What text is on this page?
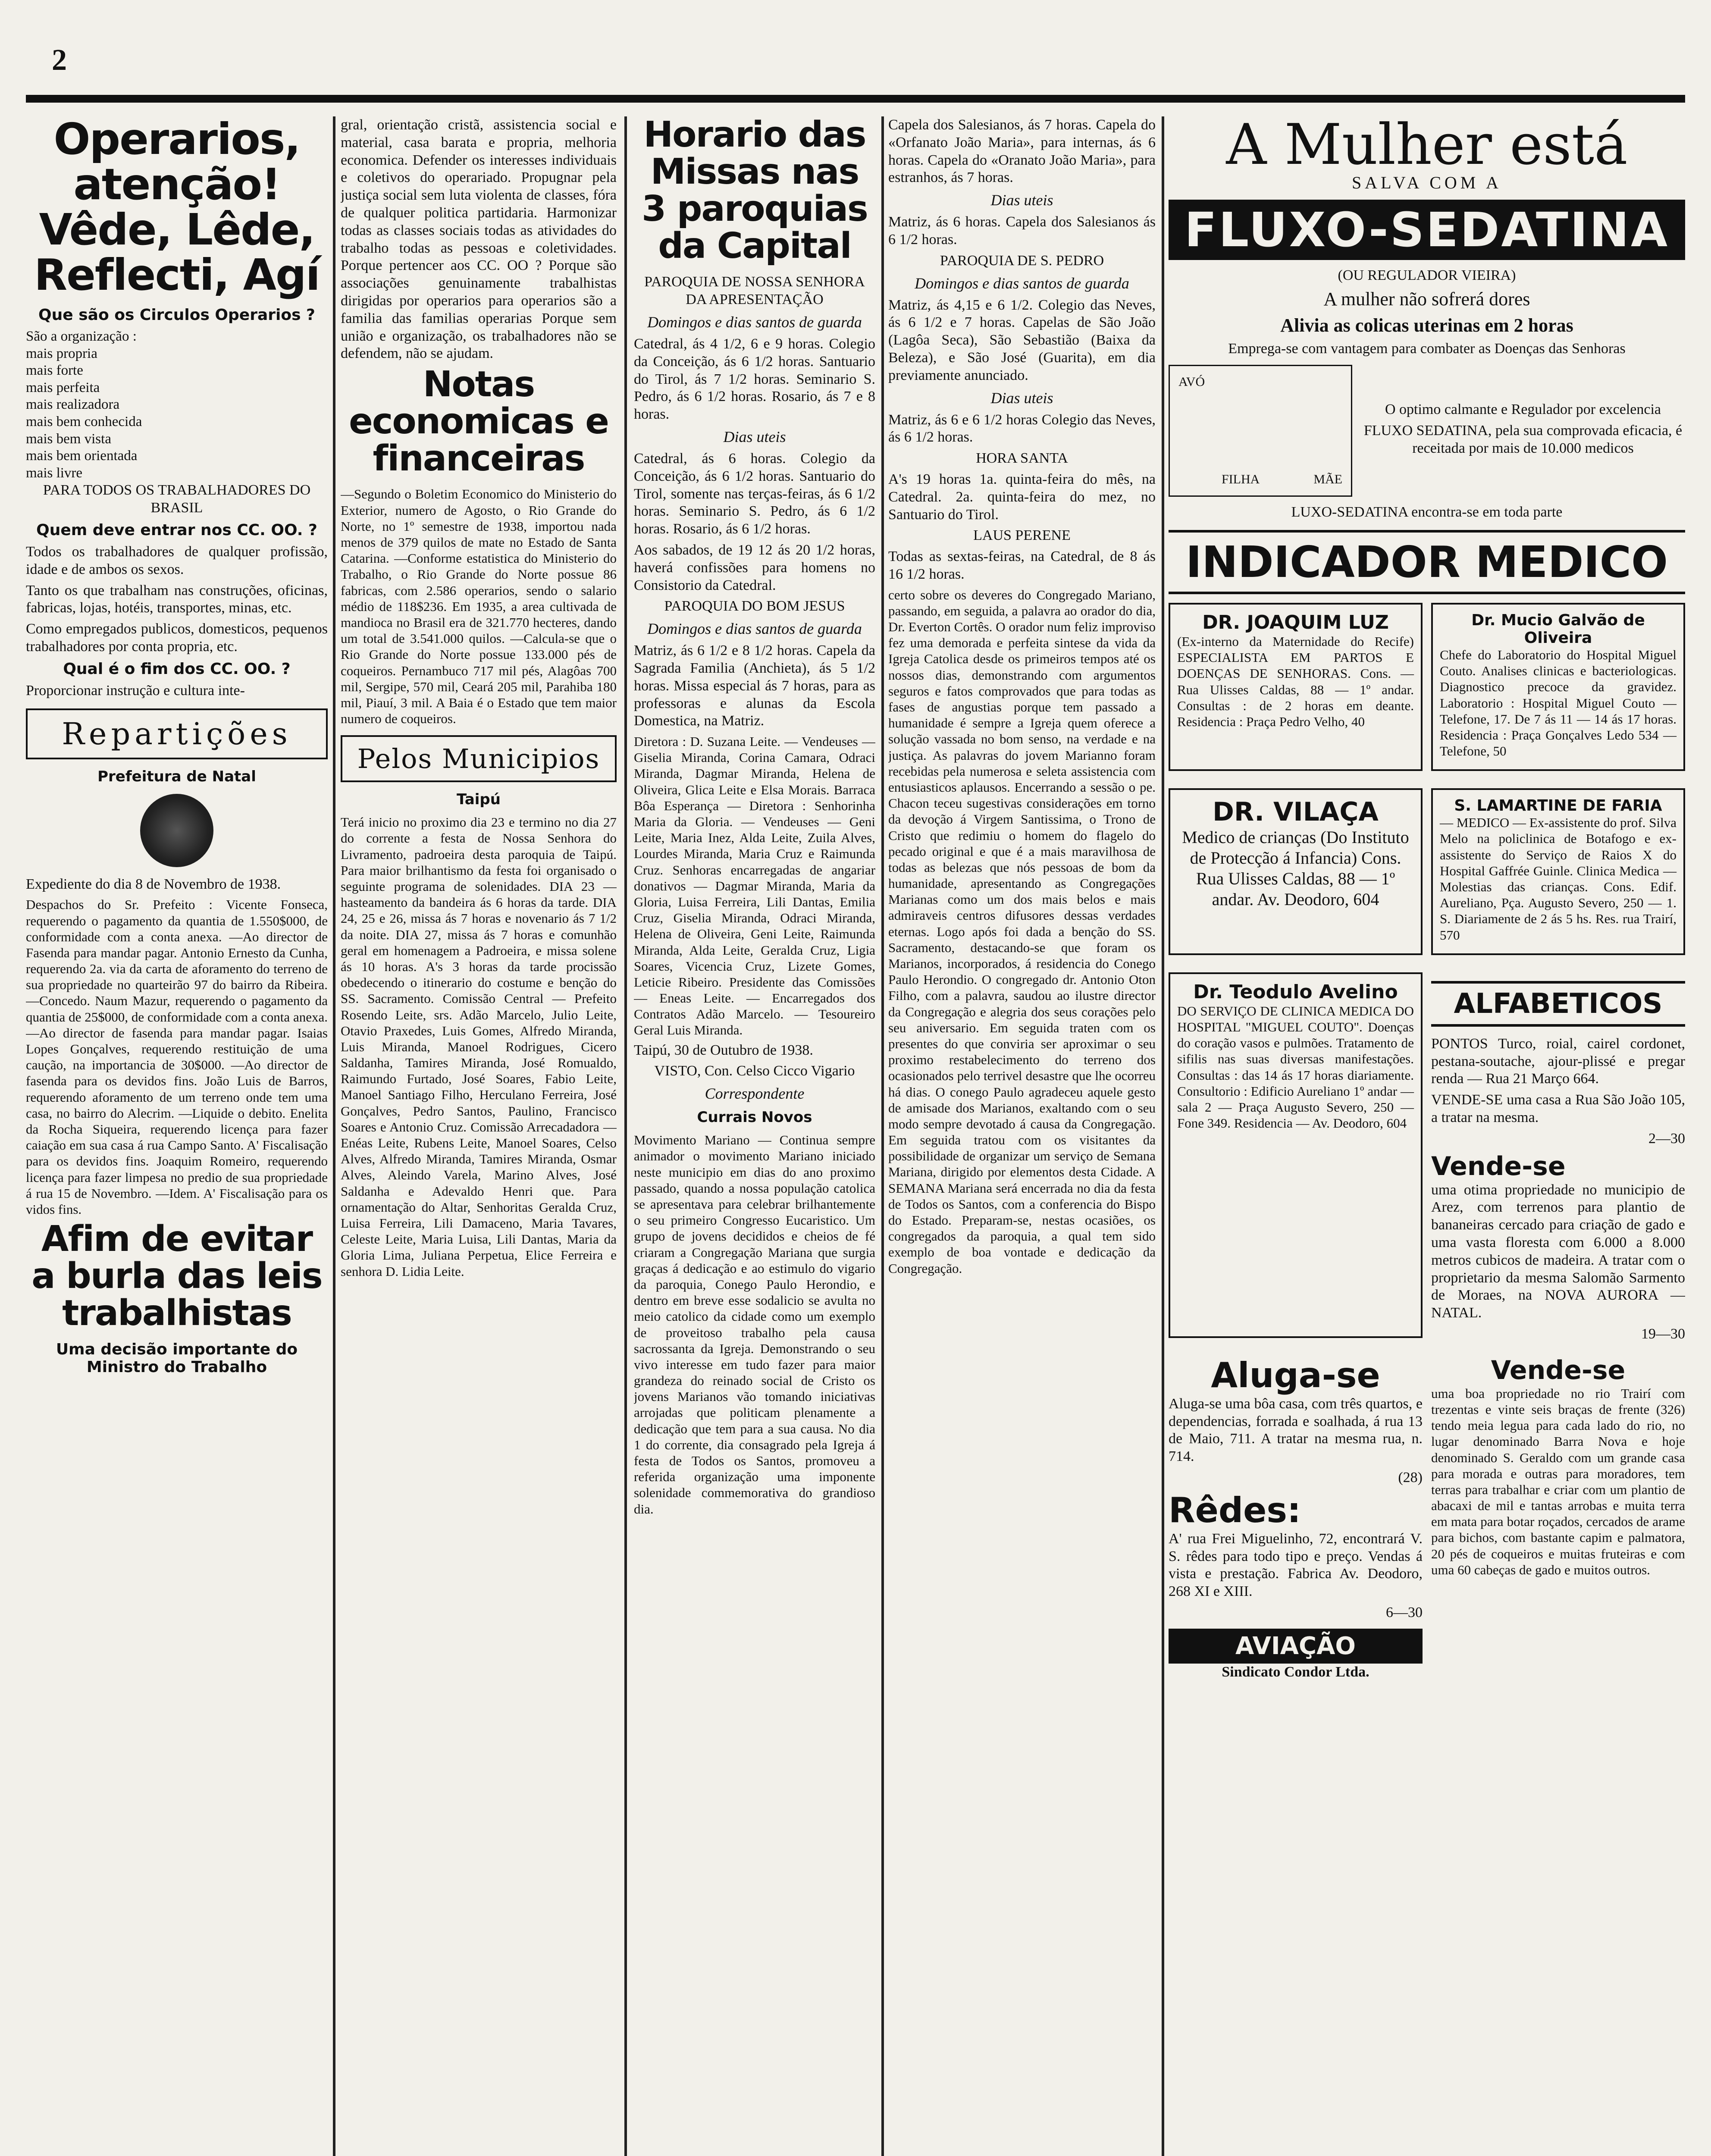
2
Operarios, atenção! Vêde, Lêde, Reflecti, Agí
Que são os Circulos Operarios ?
São a organização :
mais propria
mais forte
mais perfeita
mais realizadora
mais bem conhecida
mais bem vista
mais bem orientada
mais livre

PARA TODOS OS TRABALHADORES DO BRASIL

Quem deve entrar nos CC. OO. ?

Todos os trabalhadores de qualquer profissão, idade e de ambos os sexos.

Tanto os que trabalham nas construções, oficinas, fabricas, lojas, hotéis, transportes, minas, etc.

Como empregados publicos, domesticos, pequenos trabalhadores por conta propria, etc.

Qual é o fim dos CC. OO. ?

Proporcionar instrução e cultura inte-

Repartições
Prefeitura de Natal

Expediente do dia 8 de Novembro de 1938.

Despachos do Sr. Prefeito : Vicente Fonseca, requerendo o pagamento da quantia de 1.550$000, de conformidade com a conta anexa. —Ao director de Fasenda para mandar pagar. Antonio Ernesto da Cunha, requerendo 2a. via da carta de aforamento do terreno de sua propriedade no quarteirão 97 do bairro da Ribeira. —Concedo. Naum Mazur, requerendo o pagamento da quantia de 25$000, de conformidade com a conta anexa. —Ao director de fasenda para mandar pagar. Isaias Lopes Gonçalves, requerendo restituição de uma caução, na importancia de 30$000. —Ao director de fasenda para os devidos fins. João Luis de Barros, requerendo aforamento de um terreno onde tem uma casa, no bairro do Alecrim. —Liquide o debito. Enelita da Rocha Siqueira, requerendo licença para fazer caiação em sua casa á rua Campo Santo. A' Fiscalisação para os devidos fins. Joaquim Romeiro, requerendo licença para fazer limpesa no predio de sua propriedade á rua 15 de Novembro. —Idem. A' Fiscalisação para os vidos fins.

Afim de evitar a burla das leis trabalhistas
Uma decisão importante do Ministro do Trabalho

gral, orientação cristã, assistencia social e material, casa barata e propria, melhoria economica. Defender os interesses individuais e coletivos do operariado. Propugnar pela justiça social sem luta violenta de classes, fóra de qualquer politica partidaria. Harmonizar todas as classes sociais todas as atividades do trabalho todas as pessoas e coletividades. Porque pertencer aos CC. OO ? Porque são associações genuinamente trabalhistas dirigidas por operarios para operarios são a familia das familias operarias Porque sem união e organização, os trabalhadores não se defendem, não se ajudam.

Notas economicas e financeiras

—Segundo o Boletim Economico do Ministerio do Exterior, numero de Agosto, o Rio Grande do Norte, no 1º semestre de 1938, importou nada menos de 379 quilos de mate no Estado de Santa Catarina. —Conforme estatistica do Ministerio do Trabalho, o Rio Grande do Norte possue 86 fabricas, com 2.586 operarios, sendo o salario médio de 118$236. Em 1935, a area cultivada de mandioca no Brasil era de 321.770 hecteres, dando um total de 3.541.000 quilos. —Calcula-se que o Rio Grande do Norte possue 133.000 pés de coqueiros. Pernambuco 717 mil pés, Alagôas 700 mil, Sergipe, 570 mil, Ceará 205 mil, Parahiba 180 mil, Piauí, 3 mil. A Baia é o Estado que tem maior numero de coqueiros.

Pelos Municipios
Taipú

Terá inicio no proximo dia 23 e termino no dia 27 do corrente a festa de Nossa Senhora do Livramento, padroeira desta paroquia de Taipú. Para maior brilhantismo da festa foi organisado o seguinte programa de solenidades. DIA 23 — hasteamento da bandeira ás 6 horas da tarde. DIA 24, 25 e 26, missa ás 7 horas e novenario ás 7 1/2 da noite. DIA 27, missa ás 7 horas e comunhão geral em homenagem a Padroeira, e missa solene ás 10 horas. A's 3 horas da tarde procissão obedecendo o itinerario do costume e benção do SS. Sacramento. Comissão Central — Prefeito Rosendo Leite, srs. Adão Marcelo, Julio Leite, Otavio Praxedes, Luis Gomes, Alfredo Miranda, Luis Miranda, Manoel Rodrigues, Cicero Saldanha, Tamires Miranda, José Romualdo, Raimundo Furtado, José Soares, Fabio Leite, Manoel Santiago Filho, Herculano Ferreira, José Gonçalves, Pedro Santos, Paulino, Francisco Soares e Antonio Cruz. Comissão Arrecadadora — Enéas Leite, Rubens Leite, Manoel Soares, Celso Alves, Alfredo Miranda, Tamires Miranda, Osmar Alves, Aleindo Varela, Marino Alves, José Saldanha e Adevaldo Henri que. Para ornamentação do Altar, Senhoritas Geralda Cruz, Luisa Ferreira, Lili Damaceno, Maria Tavares, Celeste Leite, Maria Luisa, Lili Dantas, Maria da Gloria Lima, Juliana Perpetua, Elice Ferreira e senhora D. Lidia Leite.

Horario das Missas nas 3 paroquias da Capital

PAROQUIA DE NOSSA SENHORA DA APRESENTAÇÃO

Domingos e dias santos de guarda

Catedral, ás 4 1/2, 6 e 9 horas. Colegio da Conceição, ás 6 1/2 horas. Santuario do Tirol, ás 7 1/2 horas. Seminario S. Pedro, ás 6 1/2 horas. Rosario, ás 7 e 8 horas.

Dias uteis

Catedral, ás 6 horas. Colegio da Conceição, ás 6 1/2 horas. Santuario do Tirol, somente nas terças-feiras, ás 6 1/2 horas. Seminario S. Pedro, ás 6 1/2 horas. Rosario, ás 6 1/2 horas.

Aos sabados, de 19 12 ás 20 1/2 horas, haverá confissões para homens no Consistorio da Catedral.

PAROQUIA DO BOM JESUS

Domingos e dias santos de guarda

Matriz, ás 6 1/2 e 8 1/2 horas. Capela da Sagrada Familia (Anchieta), ás 5 1/2 horas. Missa especial ás 7 horas, para as professoras e alunas da Escola Domestica, na Matriz.

Diretora : D. Suzana Leite. — Vendeuses — Giselia Miranda, Corina Camara, Odraci Miranda, Dagmar Miranda, Helena de Oliveira, Glica Leite e Elsa Morais. Barraca Bôa Esperança — Diretora : Senhorinha Maria da Gloria. — Vendeuses — Geni Leite, Maria Inez, Alda Leite, Zuila Alves, Lourdes Miranda, Maria Cruz e Raimunda Cruz. Senhoras encarregadas de angariar donativos — Dagmar Miranda, Maria da Gloria, Luisa Ferreira, Lili Dantas, Emilia Cruz, Giselia Miranda, Odraci Miranda, Helena de Oliveira, Geni Leite, Raimunda Miranda, Alda Leite, Geralda Cruz, Ligia Soares, Vicencia Cruz, Lizete Gomes, Leticie Ribeiro. Presidente das Comissões — Eneas Leite. — Encarregados dos Contratos Adão Marcelo. — Tesoureiro Geral Luis Miranda.

Taipú, 30 de Outubro de 1938.

VISTO, Con. Celso Cicco Vigario

Correspondente
Currais Novos

Movimento Mariano — Continua sempre animador o movimento Mariano iniciado neste municipio em dias do ano proximo passado, quando a nossa população catolica se apresentava para celebrar brilhantemente o seu primeiro Congresso Eucaristico. Um grupo de jovens decididos e cheios de fé criaram a Congregação Mariana que surgia graças á dedicação e ao estimulo do vigario da paroquia, Conego Paulo Herondio, e dentro em breve esse sodalicio se avulta no meio catolico da cidade como um exemplo de proveitoso trabalho pela causa sacrossanta da Igreja. Demonstrando o seu vivo interesse em tudo fazer para maior grandeza do reinado social de Cristo os jovens Marianos vão tomando iniciativas arrojadas que politicam plenamente a dedicação que tem para a sua causa. No dia 1 do corrente, dia consagrado pela Igreja á festa de Todos os Santos, promoveu a referida organização uma imponente solenidade commemorativa do grandioso dia.

Capela dos Salesianos, ás 7 horas. Capela do «Orfanato João Maria», para internas, ás 6 horas. Capela do «Oranato João Maria», para estranhos, ás 7 horas.

Dias uteis

Matriz, ás 6 horas. Capela dos Salesianos ás 6 1/2 horas.

PAROQUIA DE S. PEDRO

Domingos e dias santos de guarda

Matriz, ás 4,15 e 6 1/2. Colegio das Neves, ás 6 1/2 e 7 horas. Capelas de São João (Lagôa Seca), São Sebastião (Baixa da Beleza), e São José (Guarita), em dia previamente anunciado.

Dias uteis

Matriz, ás 6 e 6 1/2 horas Colegio das Neves, ás 6 1/2 horas.

HORA SANTA

A's 19 horas 1a. quinta-feira do mês, na Catedral. 2a. quinta-feira do mez, no Santuario do Tirol.

LAUS PERENE

Todas as sextas-feiras, na Catedral, de 8 ás 16 1/2 horas.

certo sobre os deveres do Congregado Mariano, passando, em seguida, a palavra ao orador do dia, Dr. Everton Cortês. O orador num feliz improviso fez uma demorada e perfeita sintese da vida da Igreja Catolica desde os primeiros tempos até os nossos dias, demonstrando com argumentos seguros e fatos comprovados que para todas as fases de angustias porque tem passado a humanidade é sempre a Igreja quem oferece a solução vassada no bom senso, na verdade e na justiça. As palavras do jovem Marianno foram recebidas pela numerosa e seleta assistencia com entusiasticos aplausos. Encerrando a sessão o pe. Chacon teceu sugestivas considerações em torno da devoção á Virgem Santissima, o Trono de Cristo que redimiu o homem do flagelo do pecado original e que é a mais maravilhosa de todas as belezas que nós pessoas de bom da humanidade, apresentando as Congregações Marianas como um dos mais belos e mais admiraveis centros difusores dessas verdades eternas. Logo após foi dada a benção do SS. Sacramento, destacando-se que foram os Marianos, incorporados, á residencia do Conego Paulo Herondio. O congregado dr. Antonio Oton Filho, com a palavra, saudou ao ilustre director da Congregação e alegria dos seus corações pelo seu aniversario. Em seguida traten com os presentes do que conviria ser aproximar o seu proximo restabelecimento do terreno dos ocasionados pelo terrivel desastre que lhe ocorreu há dias. O conego Paulo agradeceu aquele gesto de amisade dos Marianos, exaltando com o seu modo sempre devotado á causa da Congregação. Em seguida tratou com os visitantes da possibilidade de organizar um serviço de Semana Mariana, dirigido por elementos desta Cidade. A SEMANA Mariana será encerrada no dia da festa de Todos os Santos, com a conferencia do Bispo do Estado. Preparam-se, nestas ocasiões, os congregados da paroquia, a qual tem sido exemplo de boa vontade e dedicação da Congregação.

A Mulher está
SALVA COM A
FLUXO-SEDATINA

(OU REGULADOR VIEIRA)

A mulher não sofrerá dores

Alivia as colicas uterinas em 2 horas

Emprega-se com vantagem para combater as Doenças das Senhoras

AVÓ
FILHA	MÃE

O optimo calmante e Regulador por excelencia

FLUXO SEDATINA, pela sua comprovada eficacia, é receitada por mais de 10.000 medicos

LUXO-SEDATINA encontra-se em toda parte

INDICADOR MEDICO
DR. JOAQUIM LUZ

(Ex-interno da Maternidade do Recife) ESPECIALISTA EM PARTOS E DOENÇAS DE SENHORAS. Cons. — Rua Ulisses Caldas, 88 — 1º andar. Consultas : de 2 horas em deante. Residencia : Praça Pedro Velho, 40

Dr. Mucio Galvão de Oliveira

Chefe do Laboratorio do Hospital Miguel Couto. Analises clinicas e bacteriologicas. Diagnostico precoce da gravidez. Laboratorio : Hospital Miguel Couto — Telefone, 17. De 7 ás 11 — 14 ás 17 horas. Residencia : Praça Gonçalves Ledo 534 — Telefone, 50

DR. VILAÇA

Medico de crianças (Do Instituto de Protecção á Infancia) Cons. Rua Ulisses Caldas, 88 — 1º andar. Av. Deodoro, 604

S. LAMARTINE DE FARIA

— MEDICO — Ex-assistente do prof. Silva Melo na policlinica de Botafogo e ex-assistente do Serviço de Raios X do Hospital Gaffrée Guinle. Clinica Medica — Molestias das crianças. Cons. Edif. Aureliano, Pça. Augusto Severo, 250 — 1. S. Diariamente de 2 ás 5 hs. Res. rua Trairí, 570

Dr. Teodulo Avelino

DO SERVIÇO DE CLINICA MEDICA DO HOSPITAL "MIGUEL COUTO". Doenças do coração vasos e pulmões. Tratamento de sifilis nas suas diversas manifestações. Consultas : das 14 ás 17 horas diariamente. Consultorio : Edificio Aureliano 1º andar — sala 2 — Praça Augusto Severo, 250 — Fone 349. Residencia — Av. Deodoro, 604

ALFABETICOS

PONTOS Turco, roial, cairel cordonet, pestana-soutache, ajour-plissé e pregar renda — Rua 21 Março 664.

VENDE-SE uma casa a Rua São João 105, a tratar na mesma.

2—30

Vende-se

uma otima propriedade no municipio de Arez, com terrenos para plantio de bananeiras cercado para criação de gado e uma vasta floresta com 6.000 a 8.000 metros cubicos de madeira. A tratar com o proprietario da mesma Salomão Sarmento de Moraes, na NOVA AURORA — NATAL.

19—30

Aluga-se

Aluga-se uma bôa casa, com três quartos, e dependencias, forrada e soalhada, á rua 13 de Maio, 711. A tratar na mesma rua, n. 714.

(28)

Rêdes:

A' rua Frei Miguelinho, 72, encontrará V. S. rêdes para todo tipo e preço. Vendas á vista e prestação. Fabrica Av. Deodoro, 268 XI e XIII.

6—30

AVIAÇÃO

Sindicato Condor Ltda.

Vende-se

uma boa propriedade no rio Trairí com trezentas e vinte seis braças de frente (326) tendo meia legua para cada lado do rio, no lugar denominado Barra Nova e hoje denominado S. Geraldo com um grande casa para morada e outras para moradores, tem terras para trabalhar e criar com um plantio de abacaxi de mil e tantas arrobas e muita terra em mata para botar roçados, cercados de arame para bichos, com bastante capim e palmatora, 20 pés de coqueiros e muitas fruteiras e com uma 60 cabeças de gado e muitos outros.
